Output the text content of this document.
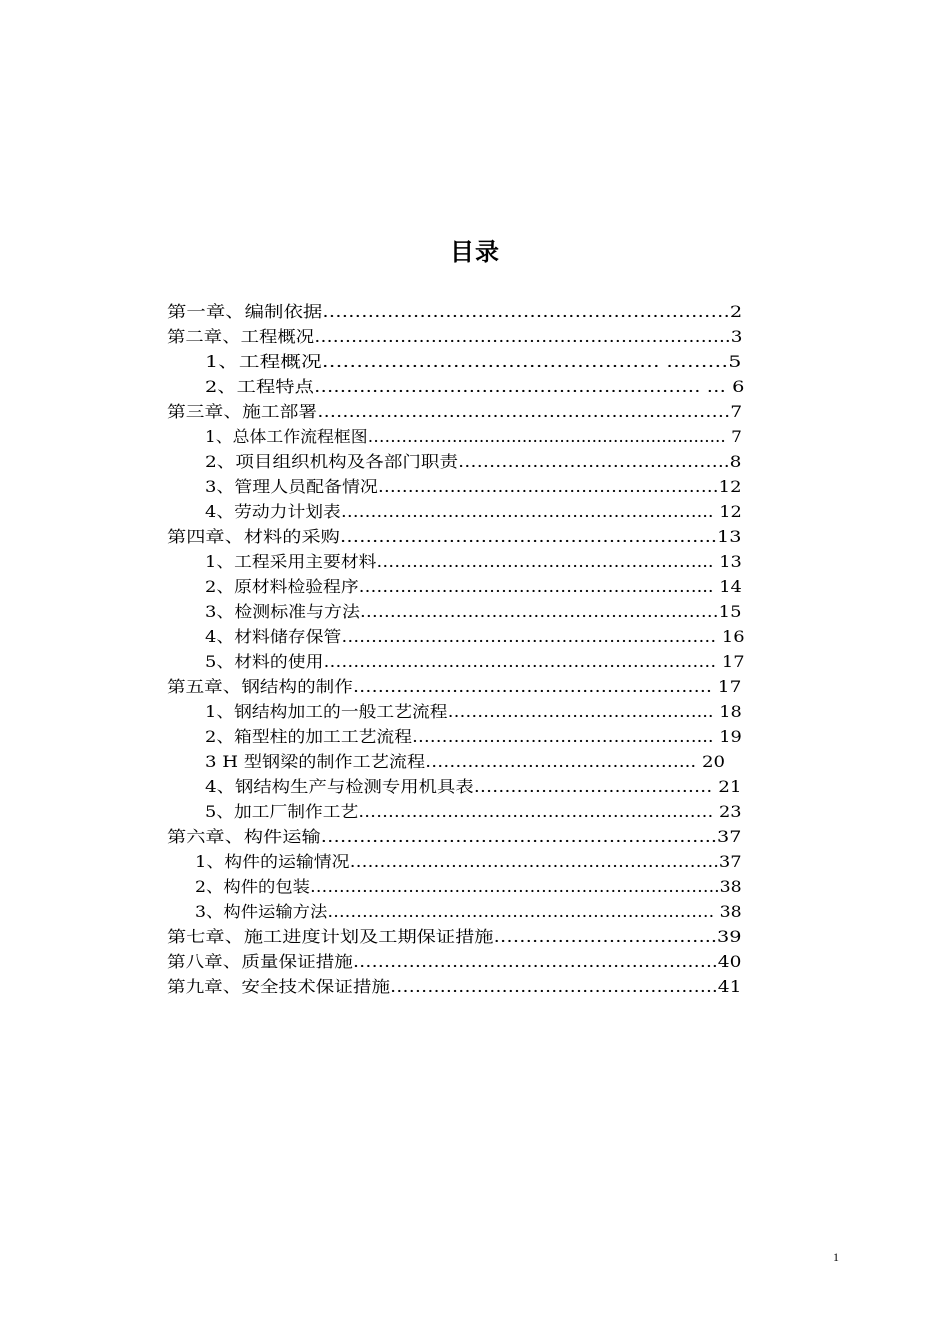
目录
第一章、编制依据………………………………………………………2
第二章、工程概况…………………………………………………………..3
1、工程概况…………………………………………. ………5
2、工程特点…………………………………………………… … 6
第三章、施工部署…………………………………………………………7
1、总体工作流程框图……………................................................... 7
2、项目组织机构及各部门职责……………………………………..8
3、管理人员配备情况…………………………………………………12
4、劳动力计划表……………………………………………………... 12
第四章、材料的采购…………………………………………………..13
1、工程采用主要材料………………………………………………... 13
2、原材料检验程序…………………………………………………... 14
3、检测标准与方法……………………………………………………15
4、材料储存保管……………………………………………………… 16
5、材料的使用………………………………………………………… 17
第五章、钢结构的制作…………………………………………………. 17
1、钢结构加工的一般工艺流程……………………………………... 18
2、箱型柱的加工工艺流程…………………………………………... 19
3 H 型钢梁的制作工艺流程……………………………………... 20
4、钢结构生产与检测专用机具表………………………………… 21
5、加工厂制作工艺…………………………………………………… 23
第六章、构件运输……………………………………………………..37
1、构件的运输情况……………………………………………………..37
2、构件的包装……………………………………………………………..38
3、构件运输方法…………………………………………………………. 38
第七章、施工进度计划及工期保证措施……………………………..39
第八章、质量保证措施…………………………………………………..40
第九章、安全技术保证措施……………………………………………..41
1
